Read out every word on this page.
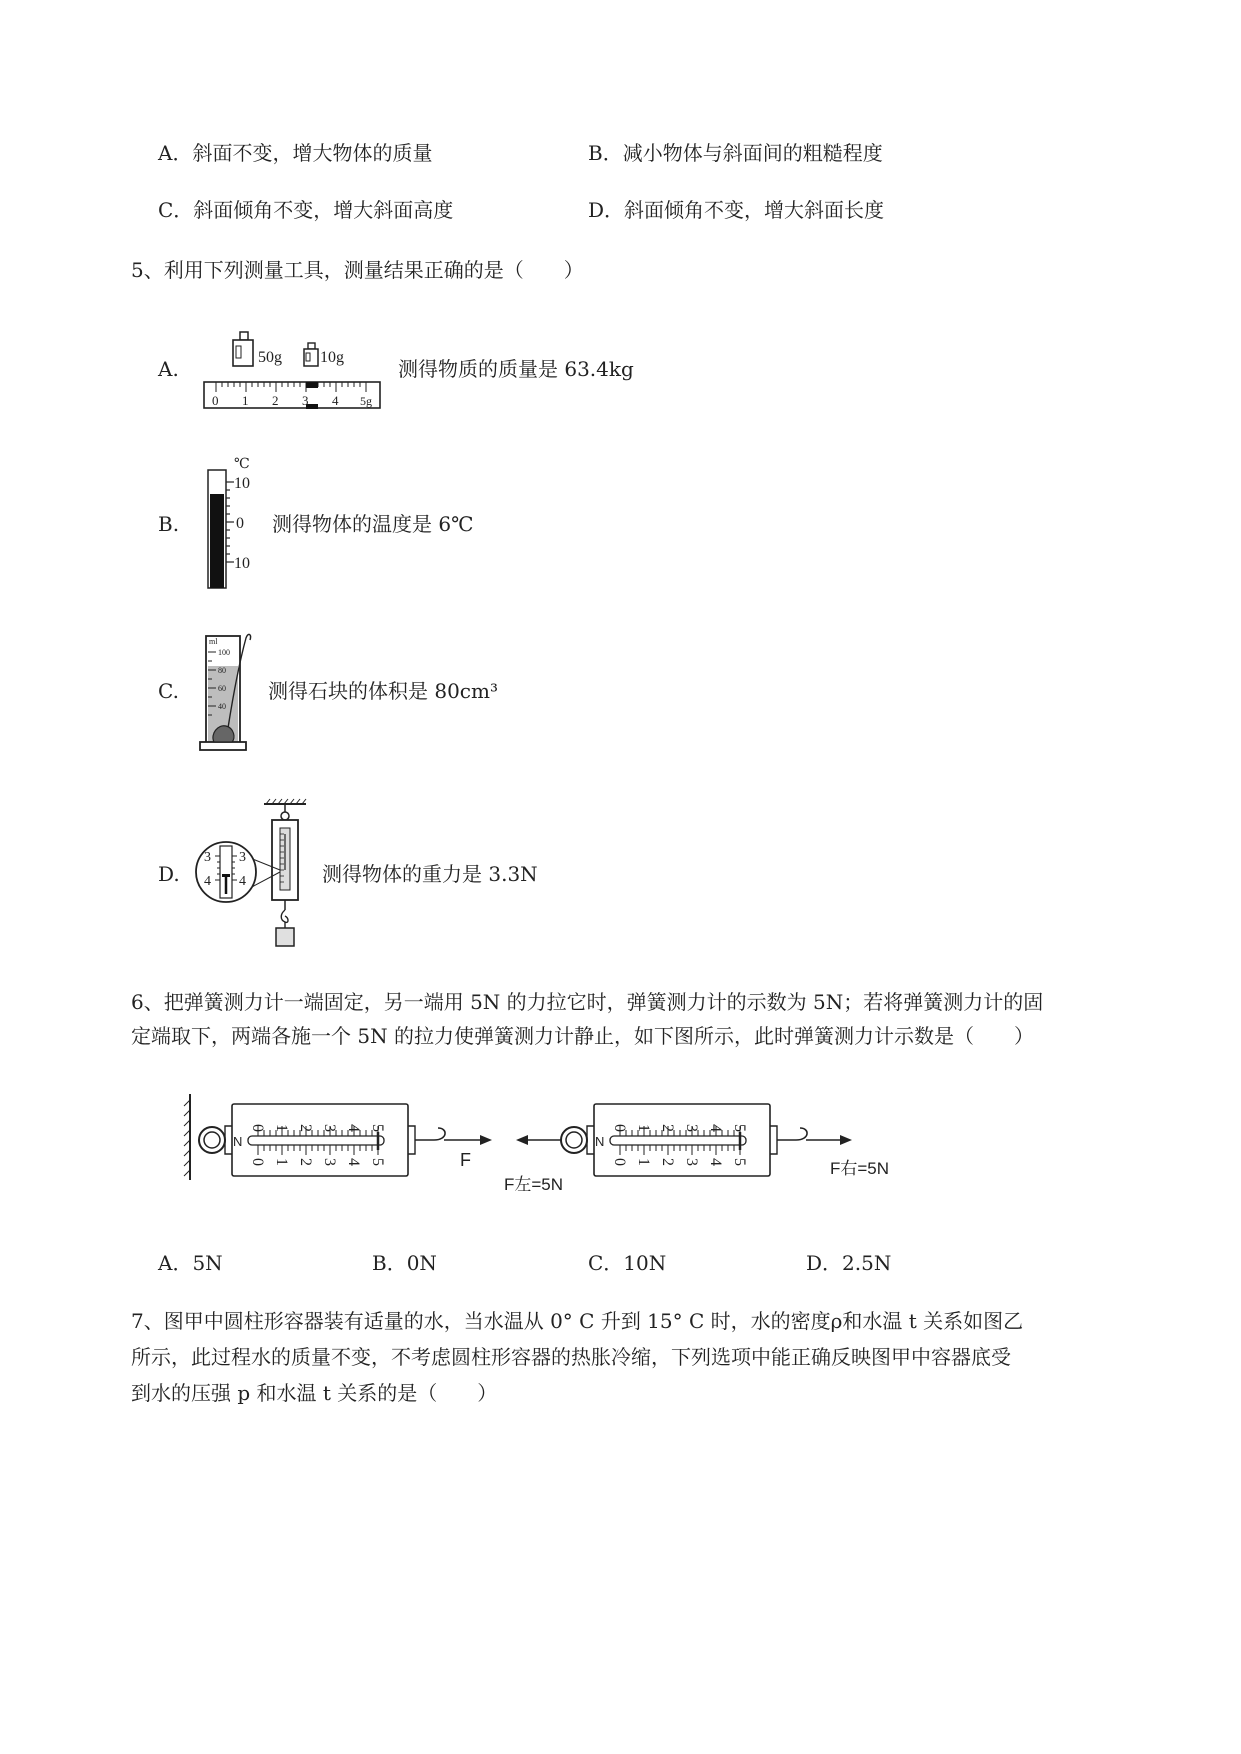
A．斜面不变，增大物体的质量	B．减小物体与斜面间的粗糙程度
C．斜面倾角不变，增大斜面高度	D．斜面倾角不变，增大斜面长度
5、利用下列测量工具，测量结果正确的是（　　）
A.	50g 10g
0 1 2 3 4 5g
测得物质的质量是 63.4kg
B.
℃
10
0
10
测得物体的温度是 6℃
C.
ml
100
80
60
40
测得石块的体积是 80cm³
D.
3
4
3
4	测得物体的重力是 3.3N
6、把弹簧测力计一端固定，另一端用 5N 的力拉它时，弹簧测力计的示数为 5N；若将弹簧测力计的固
定端取下，两端各施一个 5N 的拉力使弹簧测力计静止，如下图所示，此时弹簧测力计示数是（　　）
N
0 1 2 3 4 5
0 1 2 3 4 5	F
N
0 1 2 3 4 5
0 1 2 3 4 5
F左=5N
F右=5N
A．5N	B．0N	C．10N	D．2.5N
7、图甲中圆柱形容器装有适量的水，当水温从 0° C 升到 15° C 时，水的密度ρ和水温 t 关系如图乙
所示，此过程水的质量不变，不考虑圆柱形容器的热胀冷缩，下列选项中能正确反映图甲中容器底受
到水的压强 p 和水温 t 关系的是（　　）
